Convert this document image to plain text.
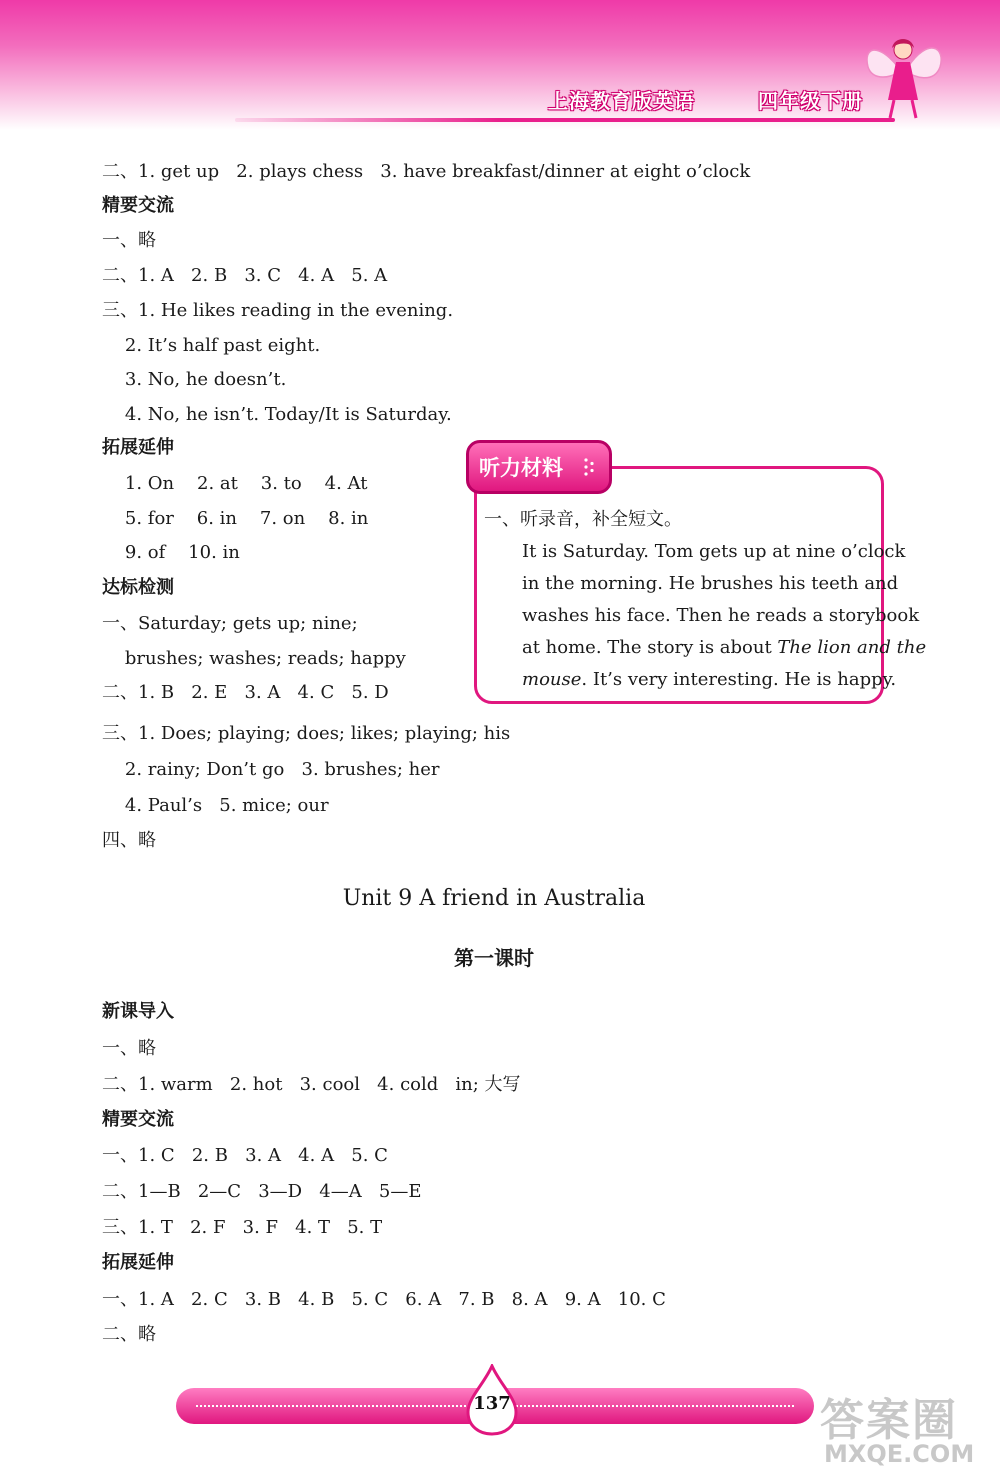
上海教育版英语	四年级下册
二、1. get up   2. plays chess   3. have breakfast/dinner at eight o’clock
精要交流
一、略
二、1. A   2. B   3. C   4. A   5. A
三、1. He likes reading in the evening.
2. It’s half past eight.
3. No, he doesn’t.
4. No, he isn’t. Today/It is Saturday.
拓展延伸
1. On    2. at    3. to    4. At
5. for    6. in    7. on    8. in
9. of    10. in
达标检测
一、Saturday; gets up; nine;
brushes; washes; reads; happy
二、1. B   2. E   3. A   4. C   5. D
三、1. Does; playing; does; likes; playing; his
2. rainy; Don’t go   3. brushes; her
4. Paul’s   5. mice; our
四、略
听力材料
一、听录音，补全短文。
It is Saturday. Tom gets up at nine o’clock
in the morning. He brushes his teeth and
washes his face. Then he reads a storybook
at home. The story is about The lion and the
mouse. It’s very interesting. He is happy.
Unit 9 A friend in Australia
第一课时
新课导入
一、略
二、1. warm   2. hot   3. cool   4. cold   in; 大写
精要交流
一、1. C   2. B   3. A   4. A   5. C
二、1—B   2—C   3—D   4—A   5—E
三、1. T   2. F   3. F   4. T   5. T
拓展延伸
一、1. A   2. C   3. B   4. B   5. C   6. A   7. B   8. A   9. A   10. C
二、略
137	答案圈
MXQE.COM
